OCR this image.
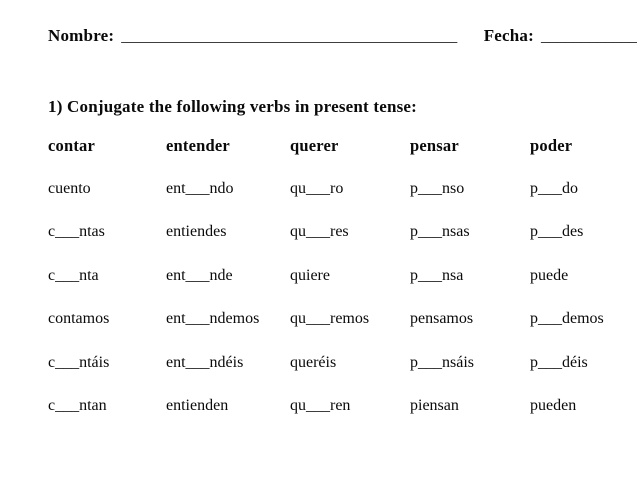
Nombre: __________________________________________ Fecha: ____________
1) Conjugate the following verbs in present tense:
contar
cuento
c___ntas
c___nta
contamos
c___ntáis
c___ntan
entender
ent___ndo
entiendes
ent___nde
ent___ndemos
ent___ndéis
entienden
querer
qu___ro
qu___res
quiere
qu___remos
queréis
qu___ren
pensar
p___nso
p___nsas
p___nsa
pensamos
p___nsáis
piensan
poder
p___do
p___des
puede
p___demos
p___déis
pueden
